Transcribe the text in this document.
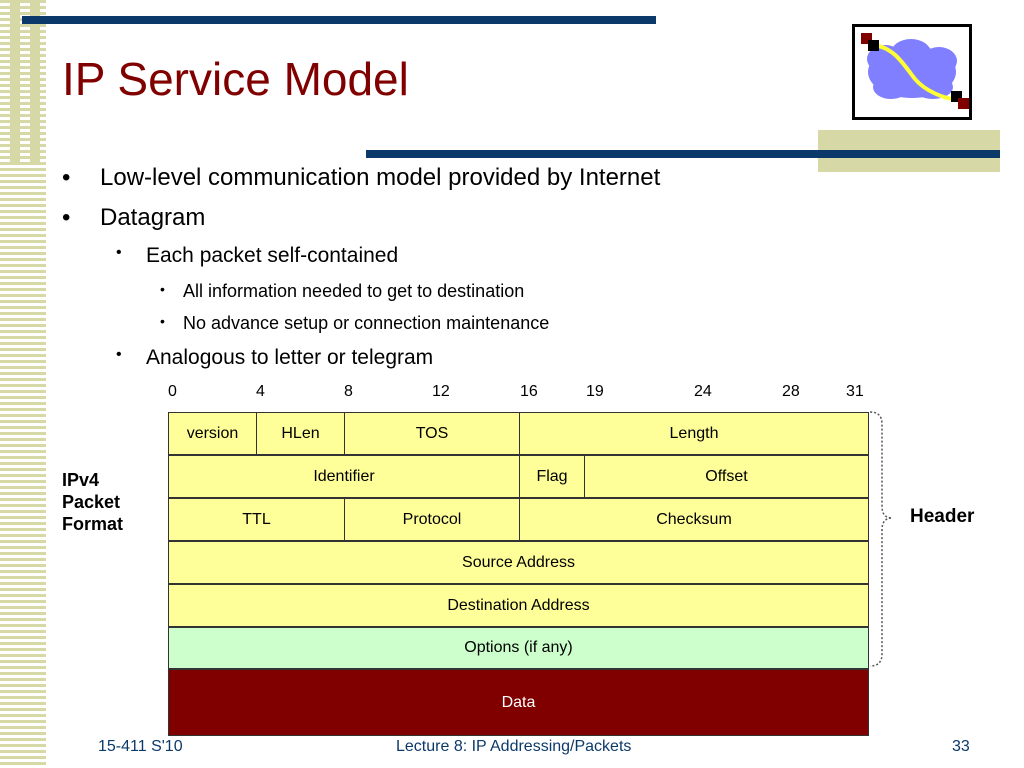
IP Service Model
• Low-level communication model provided by Internet
• Datagram
• Each packet self-contained
• All information needed to get to destination
• No advance setup or connection maintenance
• Analogous to letter or telegram
0	4	8	12	16	19	24	28	31
version	HLen	TOS	Length
Identifier	Flag	Offset
TTL	Protocol	Checksum
Source Address
Destination Address
Options (if any)
Data
IPv4
Packet
Format	Header
15-411 S'10	Lecture 8: IP Addressing/Packets	33
